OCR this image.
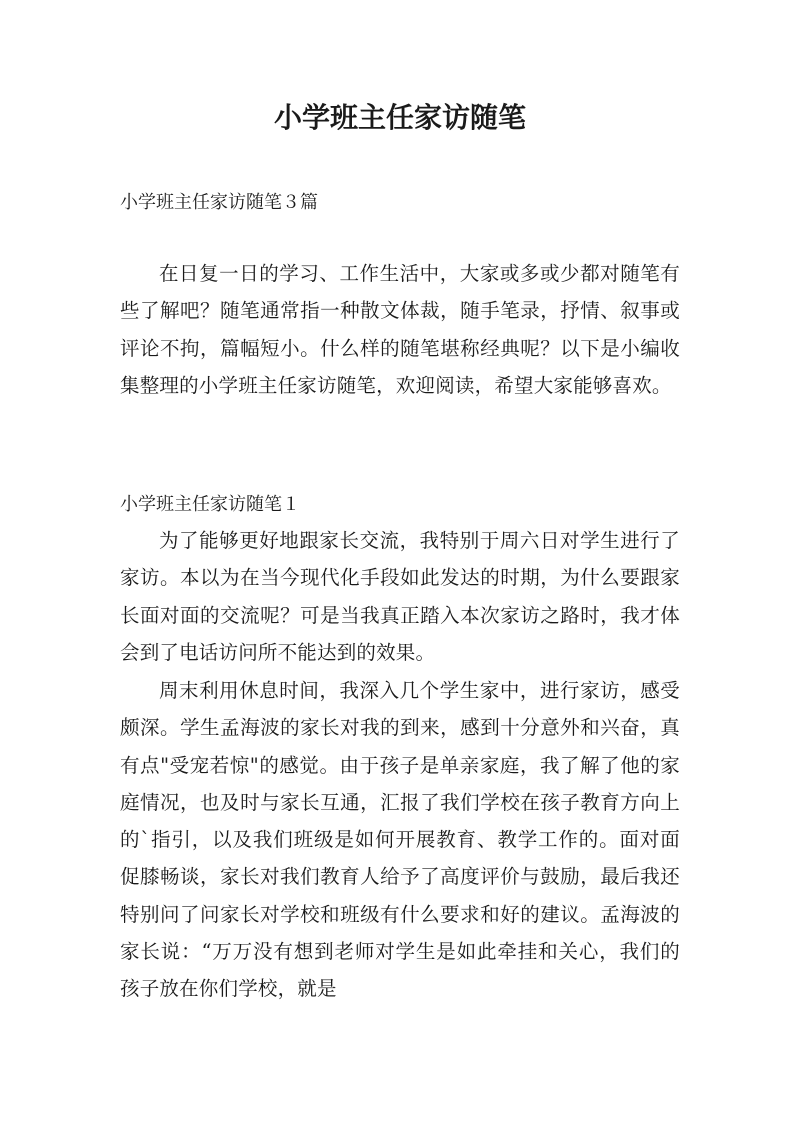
小学班主任家访随笔

小学班主任家访随笔３篇

在日复一日的学习、工作生活中，大家或多或少都对随笔有些了解吧？随笔通常指一种散文体裁，随手笔录，抒情、叙事或评论不拘，篇幅短小。什么样的随笔堪称经典呢？以下是小编收集整理的小学班主任家访随笔，欢迎阅读，希望大家能够喜欢。

小学班主任家访随笔１

为了能够更好地跟家长交流，我特别于周六日对学生进行了家访。本以为在当今现代化手段如此发达的时期，为什么要跟家长面对面的交流呢？可是当我真正踏入本次家访之路时，我才体会到了电话访问所不能达到的效果。

周末利用休息时间，我深入几个学生家中，进行家访，感受颇深。学生孟海波的家长对我的到来，感到十分意外和兴奋，真有点"受宠若惊"的感觉。由于孩子是单亲家庭，我了解了他的家庭情况，也及时与家长互通，汇报了我们学校在孩子教育方向上的`指引，以及我们班级是如何开展教育、教学工作的。面对面促膝畅谈，家长对我们教育人给予了高度评价与鼓励，最后我还特别问了问家长对学校和班级有什么要求和好的建议。孟海波的家长说：“万万没有想到老师对学生是如此牵挂和关心，我们的孩子放在你们学校，就是
